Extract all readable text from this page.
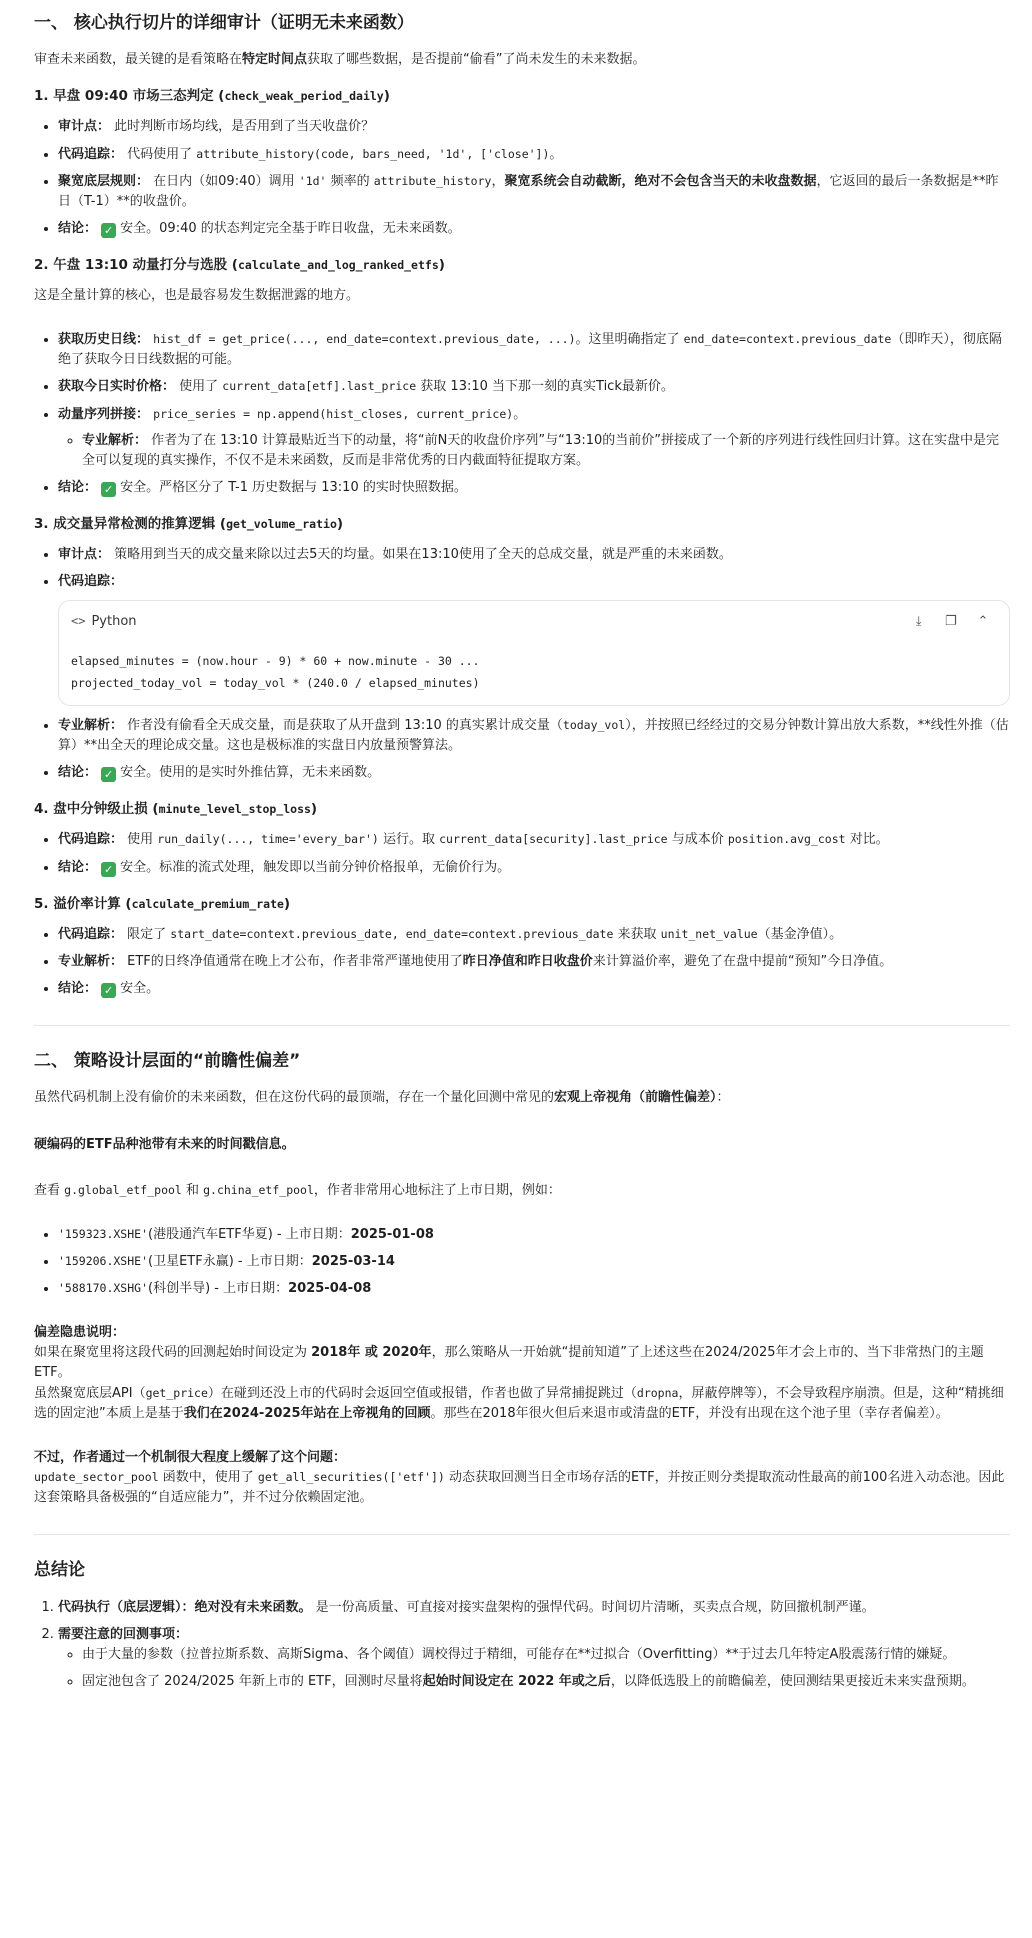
一、 核心执行切片的详细审计（证明无未来函数）

审查未来函数，最关键的是看策略在特定时间点获取了哪些数据，是否提前“偷看”了尚未发生的未来数据。

1. 早盘 09:40 市场三态判定 (check_weak_period_daily)
• 审计点： 此时判断市场均线，是否用到了当天收盘价？
• 代码追踪： 代码使用了 attribute_history(code, bars_need, '1d', ['close'])。
• 聚宽底层规则： 在日内（如09:40）调用 '1d' 频率的 attribute_history，聚宽系统会自动截断，绝对不会包含当天的未收盘数据，它返回的最后一条数据是**昨日（T-1）**的收盘价。
• 结论： ✓ 安全。09:40 的状态判定完全基于昨日收盘，无未来函数。
2. 午盘 13:10 动量打分与选股 (calculate_and_log_ranked_etfs)

这是全量计算的核心，也是最容易发生数据泄露的地方。

• 获取历史日线： hist_df = get_price(..., end_date=context.previous_date, ...)。这里明确指定了 end_date=context.previous_date（即昨天），彻底隔绝了获取今日日线数据的可能。
• 获取今日实时价格： 使用了 current_data[etf].last_price 获取 13:10 当下那一刻的真实Tick最新价。
• 动量序列拼接： price_series = np.append(hist_closes, current_price)。
◦ 专业解析： 作者为了在 13:10 计算最贴近当下的动量，将“前N天的收盘价序列”与“13:10的当前价”拼接成了一个新的序列进行线性回归计算。这在实盘中是完全可以复现的真实操作，不仅不是未来函数，反而是非常优秀的日内截面特征提取方案。
• 结论： ✓ 安全。严格区分了 T-1 历史数据与 13:10 的实时快照数据。
3. 成交量异常检测的推算逻辑 (get_volume_ratio)
• 审计点： 策略用到当天的成交量来除以过去5天的均量。如果在13:10使用了全天的总成交量，就是严重的未来函数。
• 代码追踪：
<> Python	⤓ ❐ ⌃
elapsed_minutes = (now.hour - 9) * 60 + now.minute - 30 ...
projected_today_vol = today_vol * (240.0 / elapsed_minutes)
• 专业解析： 作者没有偷看全天成交量，而是获取了从开盘到 13:10 的真实累计成交量（today_vol），并按照已经经过的交易分钟数计算出放大系数，**线性外推（估算）**出全天的理论成交量。这也是极标准的实盘日内放量预警算法。
• 结论： ✓ 安全。使用的是实时外推估算，无未来函数。
4. 盘中分钟级止损 (minute_level_stop_loss)
• 代码追踪： 使用 run_daily(..., time='every_bar') 运行。取 current_data[security].last_price 与成本价 position.avg_cost 对比。
• 结论： ✓ 安全。标准的流式处理，触发即以当前分钟价格报单，无偷价行为。
5. 溢价率计算 (calculate_premium_rate)
• 代码追踪： 限定了 start_date=context.previous_date, end_date=context.previous_date 来获取 unit_net_value（基金净值）。
• 专业解析： ETF的日终净值通常在晚上才公布，作者非常严谨地使用了昨日净值和昨日收盘价来计算溢价率，避免了在盘中提前“预知”今日净值。
• 结论： ✓ 安全。
二、 策略设计层面的“前瞻性偏差”

虽然代码机制上没有偷价的未来函数，但在这份代码的最顶端，存在一个量化回测中常见的宏观上帝视角（前瞻性偏差）：

硬编码的ETF品种池带有未来的时间戳信息。

查看 g.global_etf_pool 和 g.china_etf_pool，作者非常用心地标注了上市日期，例如：

• '159323.XSHE'(港股通汽车ETF华夏) - 上市日期：2025-01-08
• '159206.XSHE'(卫星ETF永赢) - 上市日期：2025-03-14
• '588170.XSHG'(科创半导) - 上市日期：2025-04-08

偏差隐患说明：
如果在聚宽里将这段代码的回测起始时间设定为 2018年 或 2020年，那么策略从一开始就“提前知道”了上述这些在2024/2025年才会上市的、当下非常热门的主题ETF。
虽然聚宽底层API（get_price）在碰到还没上市的代码时会返回空值或报错，作者也做了异常捕捉跳过（dropna，屏蔽停牌等），不会导致程序崩溃。但是，这种“精挑细选的固定池”本质上是基于我们在2024-2025年站在上帝视角的回顾。那些在2018年很火但后来退市或清盘的ETF，并没有出现在这个池子里（幸存者偏差）。

不过，作者通过一个机制很大程度上缓解了这个问题：
update_sector_pool 函数中，使用了 get_all_securities(['etf']) 动态获取回测当日全市场存活的ETF，并按正则分类提取流动性最高的前100名进入动态池。因此这套策略具备极强的“自适应能力”，并不过分依赖固定池。

总结论
1. 代码执行（底层逻辑）：绝对没有未来函数。 是一份高质量、可直接对接实盘架构的强悍代码。时间切片清晰，买卖点合规，防回撤机制严谨。
2. 需要注意的回测事项：
◦ 由于大量的参数（拉普拉斯系数、高斯Sigma、各个阈值）调校得过于精细，可能存在**过拟合（Overfitting）**于过去几年特定A股震荡行情的嫌疑。
◦ 固定池包含了 2024/2025 年新上市的 ETF，回测时尽量将起始时间设定在 2022 年或之后，以降低选股上的前瞻偏差，使回测结果更接近未来实盘预期。
